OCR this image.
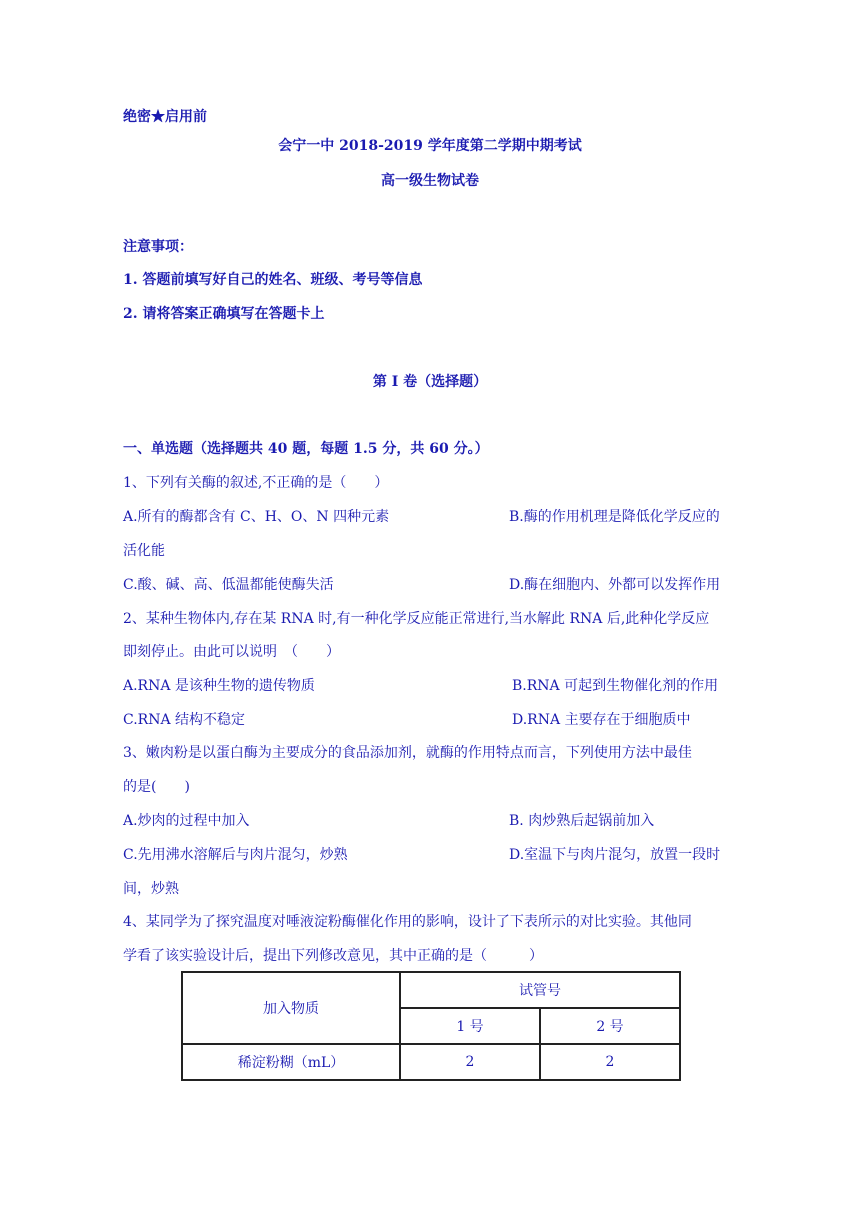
绝密★启用前
会宁一中 2018-2019 学年度第二学期中期考试
高一级生物试卷
注意事项：
1. 答题前填写好自己的姓名、班级、考号等信息
2. 请将答案正确填写在答题卡上
第 I 卷（选择题）
一、单选题（选择题共 40 题，每题 1.5 分，共 60 分。）
1、下列有关酶的叙述,不正确的是（　　）
A.所有的酶都含有 C、H、O、N 四种元素	B.酶的作用机理是降低化学反应的
活化能
C.酸、碱、高、低温都能使酶失活	D.酶在细胞内、外都可以发挥作用
2、某种生物体内,存在某 RNA 时,有一种化学反应能正常进行,当水解此 RNA 后,此种化学反应
即刻停止。由此可以说明　（　　）
A.RNA 是该种生物的遗传物质	B.RNA 可起到生物催化剂的作用
C.RNA 结构不稳定	D.RNA 主要存在于细胞质中
3、嫩肉粉是以蛋白酶为主要成分的食品添加剂，就酶的作用特点而言，下列使用方法中最佳
的是(　　)
A.炒肉的过程中加入	B. 肉炒熟后起锅前加入
C.先用沸水溶解后与肉片混匀，炒熟	D.室温下与肉片混匀，放置一段时
间，炒熟
4、某同学为了探究温度对唾液淀粉酶催化作用的影响，设计了下表所示的对比实验。其他同
学看了该实验设计后，提出下列修改意见，其中正确的是（　　　）
加入物质	试管号	
	1 号	2 号
稀淀粉糊（mL）	2	2
